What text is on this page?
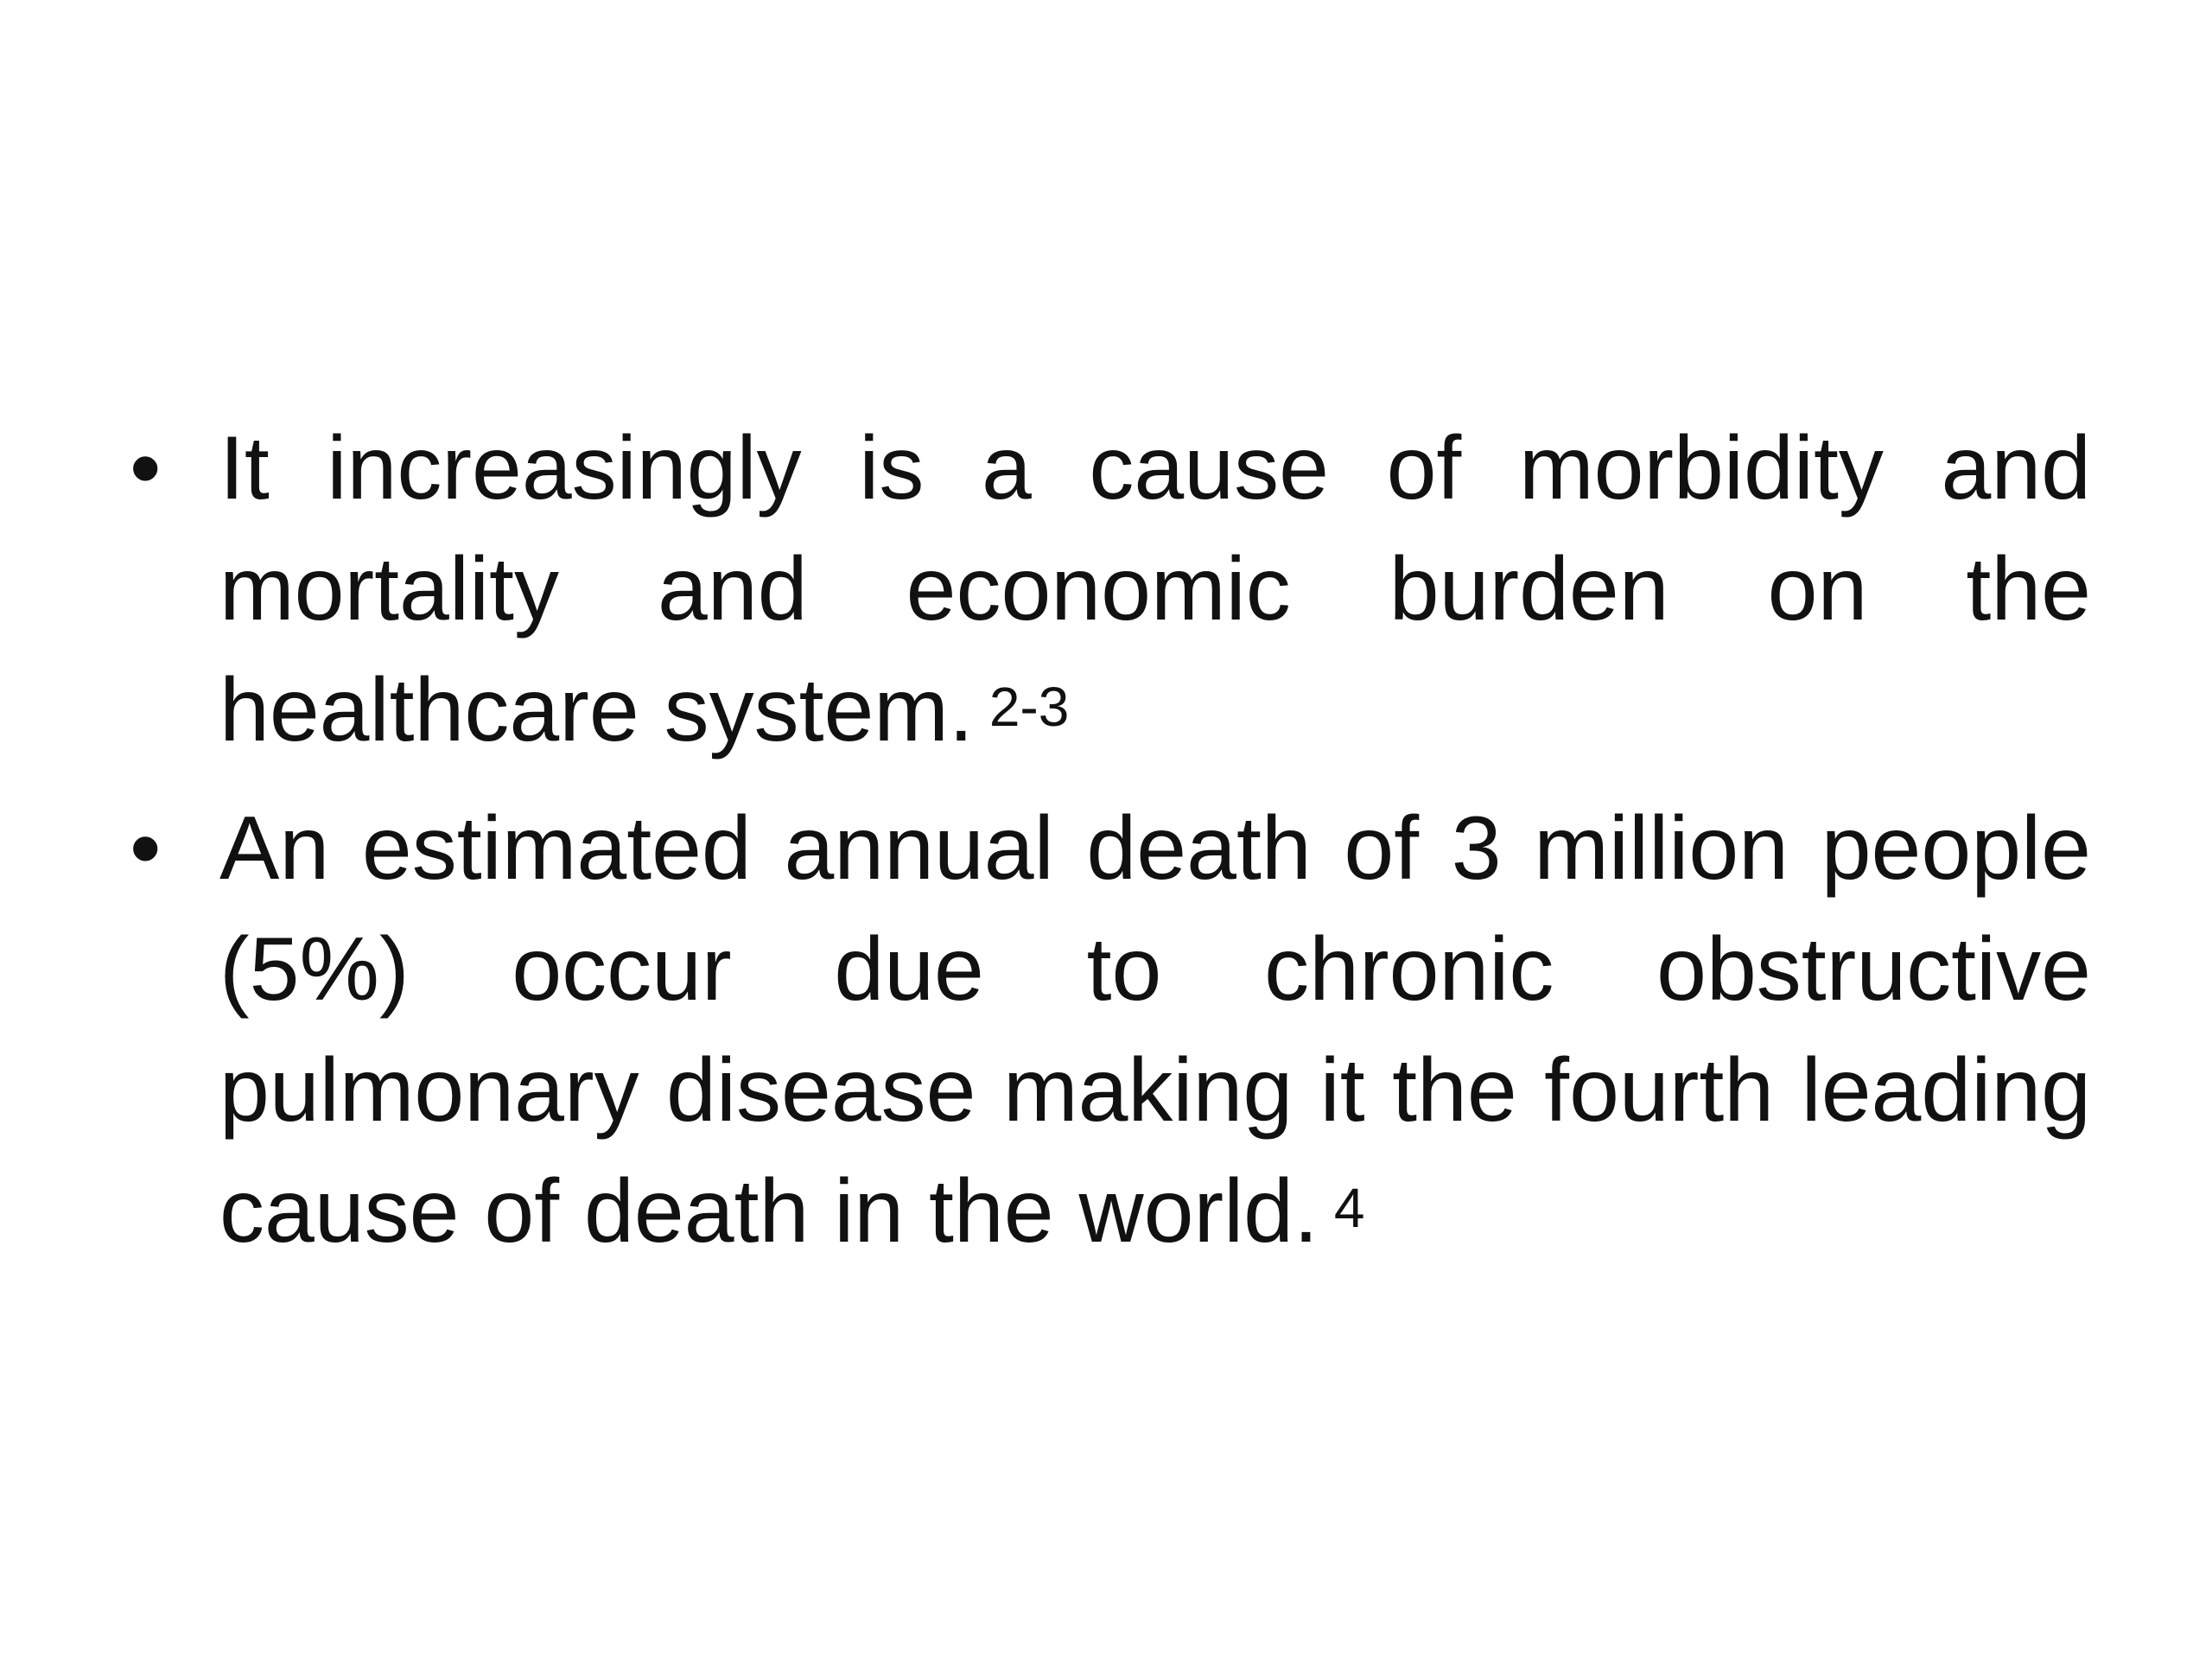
• It increasingly is a cause of morbidity and mortality and economic burden on the healthcare system. $^{2-3}$
• An estimated annual death of 3 million people (5%) occur due to chronic obstructive pulmonary disease making it the fourth leading cause of death in the world. $^4$
